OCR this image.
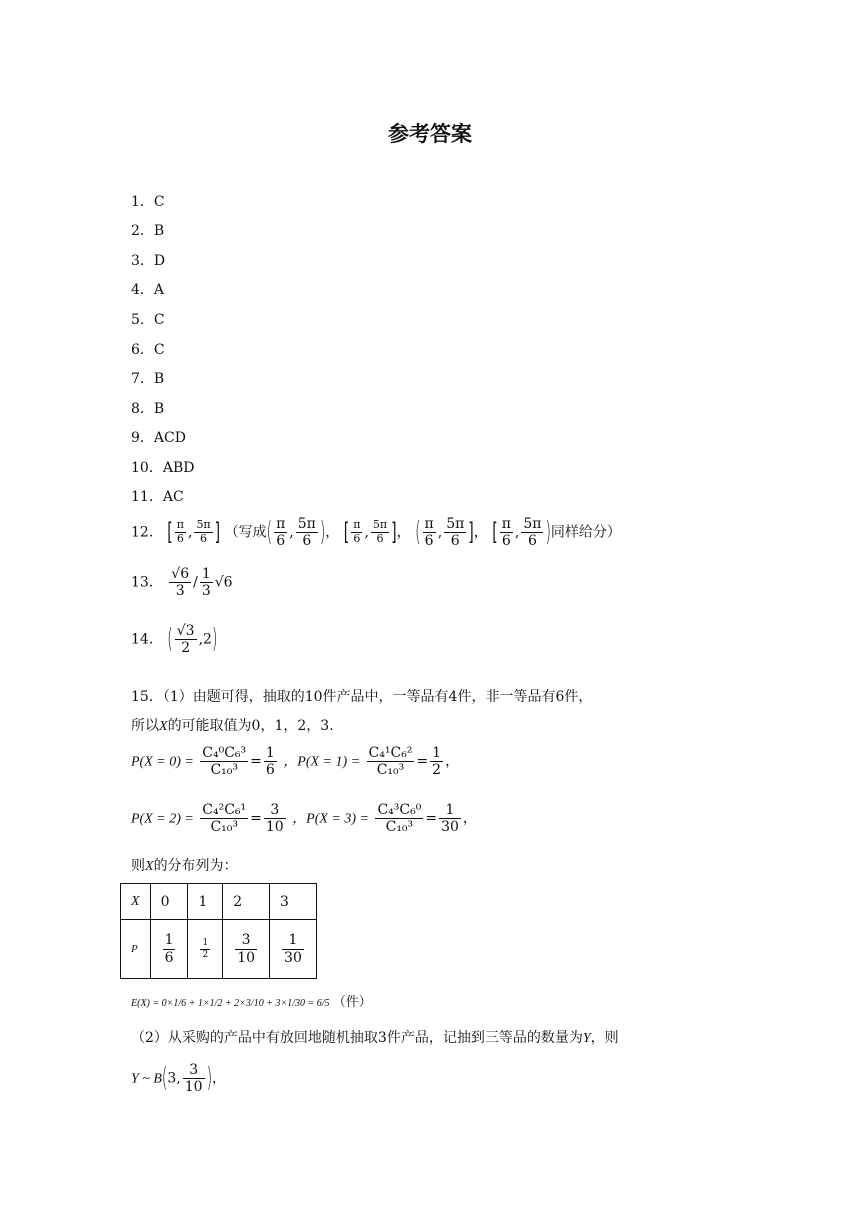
参考答案
1．C
2．B
3．D
4．A
5．C
6．C
7．B
8．B
9．ACD
10．ABD
11．AC
12． [ $\frac{\pi}{6}$ , $\frac{5\pi}{6}$ ] （写成( $\frac{\pi}{6}$ , $\frac{5\pi}{6}$ )， [ $\frac{\pi}{6}$ , $\frac{5\pi}{6}$ ]， ( $\frac{\pi}{6}$ , $\frac{5\pi}{6}$ ]， [ $\frac{\pi}{6}$ , $\frac{5\pi}{6}$ )同样给分）
13． $\frac{√6}{3} / \frac{1}{3} √6$
14． ( $\frac{√3}{2} ,2$)
15．（1）由题可得，抽取的10件产品中，一等品有4件，非一等品有6件，
所以X的可能取值为0，1，2，3.
$P(X = 0) = \frac{\text{C₄⁰C₆³}}{\text{C₁₀³}} = \frac{1}{6}$ ，$P(X = 1) = \frac{\text{C₄¹C₆²}}{\text{C₁₀³}} = \frac{1}{2}$ ，
$P(X = 2) = \frac{\text{C₄²C₆¹}}{\text{C₁₀³}} = \frac{3}{10}$ ，$P(X = 3) = \frac{\text{C₄³C₆⁰}}{\text{C₁₀³}} = \frac{1}{30}$ ，
则X的分布列为：
X	0	1	2	3
P	$\frac{1}{6}$	$\frac{1}{2}$	$\frac{3}{10}$	$\frac{1}{30}$
E(X) = 0×1/6 + 1×1/2 + 2×3/10 + 3×1/30 = 6/5 （件）
（2）从采购的产品中有放回地随机抽取3件产品，记抽到三等品的数量为Y，则
Y ~ B(3, $\frac{3}{10}$ )，
